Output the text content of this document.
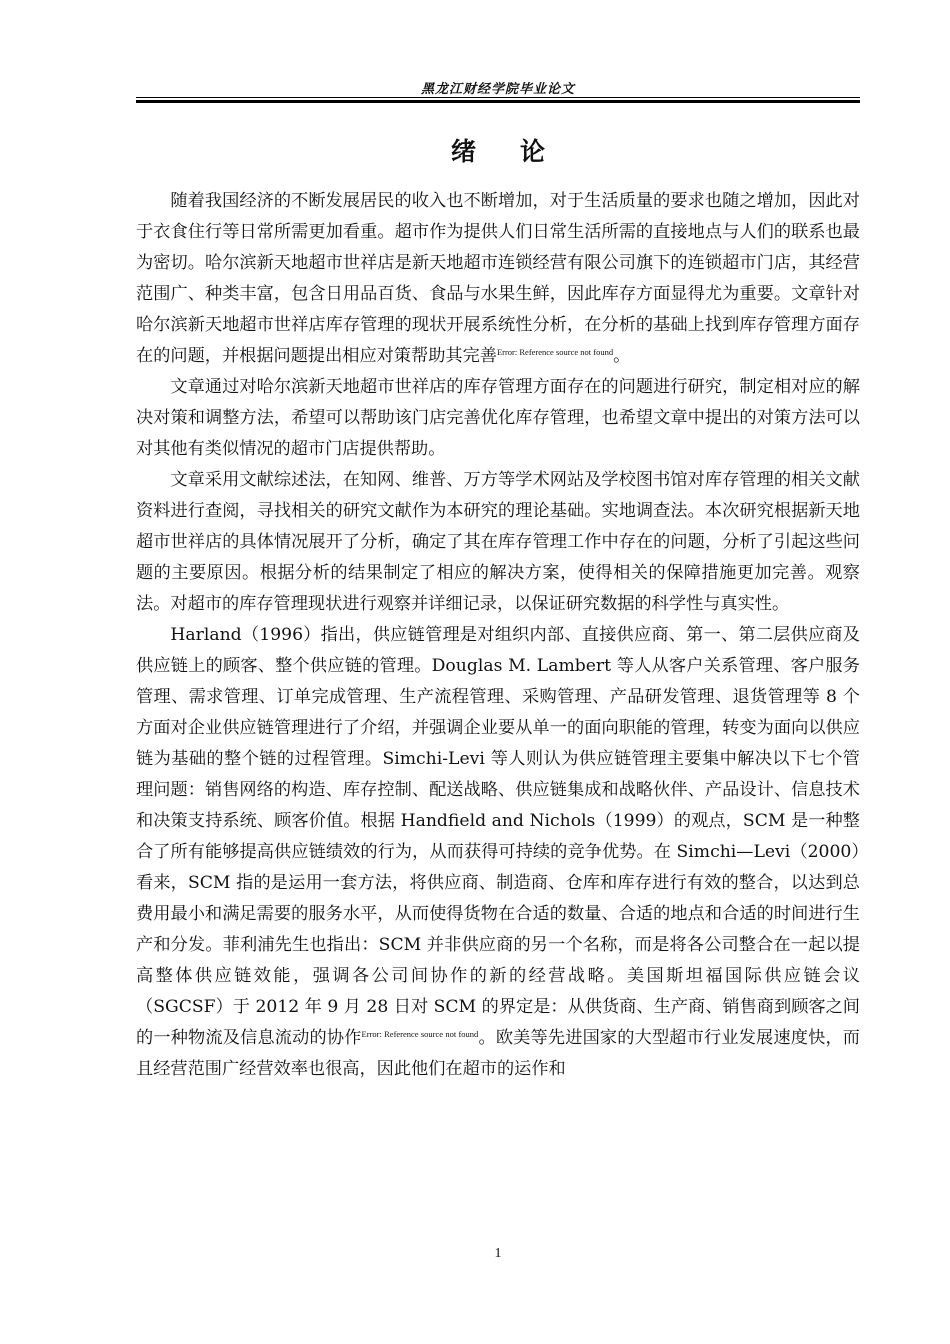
黑龙江财经学院毕业论文
绪论

随着我国经济的不断发展居民的收入也不断增加，对于生活质量的要求也随之增加，因此对于衣食住行等日常所需更加看重。超市作为提供人们日常生活所需的直接地点与人们的联系也最为密切。哈尔滨新天地超市世祥店是新天地超市连锁经营有限公司旗下的连锁超市门店，其经营范围广、种类丰富，包含日用品百货、食品与水果生鲜，因此库存方面显得尤为重要。文章针对哈尔滨新天地超市世祥店库存管理的现状开展系统性分析，在分析的基础上找到库存管理方面存在的问题，并根据问题提出相应对策帮助其完善$^{Error: Reference source not found}$。

文章通过对哈尔滨新天地超市世祥店的库存管理方面存在的问题进行研究，制定相对应的解决对策和调整方法，希望可以帮助该门店完善优化库存管理，也希望文章中提出的对策方法可以对其他有类似情况的超市门店提供帮助。

文章采用文献综述法，在知网、维普、万方等学术网站及学校图书馆对库存管理的相关文献资料进行查阅，寻找相关的研究文献作为本研究的理论基础。实地调查法。本次研究根据新天地超市世祥店的具体情况展开了分析，确定了其在库存管理工作中存在的问题，分析了引起这些问题的主要原因。根据分析的结果制定了相应的解决方案，使得相关的保障措施更加完善。观察法。对超市的库存管理现状进行观察并详细记录，以保证研究数据的科学性与真实性。

Harland（1996）指出，供应链管理是对组织内部、直接供应商、第一、第二层供应商及供应链上的顾客、整个供应链的管理。Douglas M. Lambert 等人从客户关系管理、客户服务管理、需求管理、订单完成管理、生产流程管理、采购管理、产品研发管理、退货管理等 8 个方面对企业供应链管理进行了介绍，并强调企业要从单一的面向职能的管理，转变为面向以供应链为基础的整个链的过程管理。Simchi-Levi 等人则认为供应链管理主要集中解决以下七个管理问题：销售网络的构造、库存控制、配送战略、供应链集成和战略伙伴、产品设计、信息技术和决策支持系统、顾客价值。根据 Handfield and Nichols（1999）的观点，SCM 是一种整合了所有能够提高供应链绩效的行为，从而获得可持续的竞争优势。在 Simchi—Levi（2000）看来，SCM 指的是运用一套方法，将供应商、制造商、仓库和库存进行有效的整合，以达到总费用最小和满足需要的服务水平，从而使得货物在合适的数量、合适的地点和合适的时间进行生产和分发。菲利浦先生也指出：SCM 并非供应商的另一个名称，而是将各公司整合在一起以提高整体供应链效能，强调各公司间协作的新的经营战略。美国斯坦福国际供应链会议（SGCSF）于 2012 年 9 月 28 日对 SCM 的界定是：从供货商、生产商、销售商到顾客之间的一种物流及信息流动的协作$^{Error: Reference source not found}$。欧美等先进国家的大型超市行业发展速度快，而且经营范围广经营效率也很高，因此他们在超市的运作和

1
